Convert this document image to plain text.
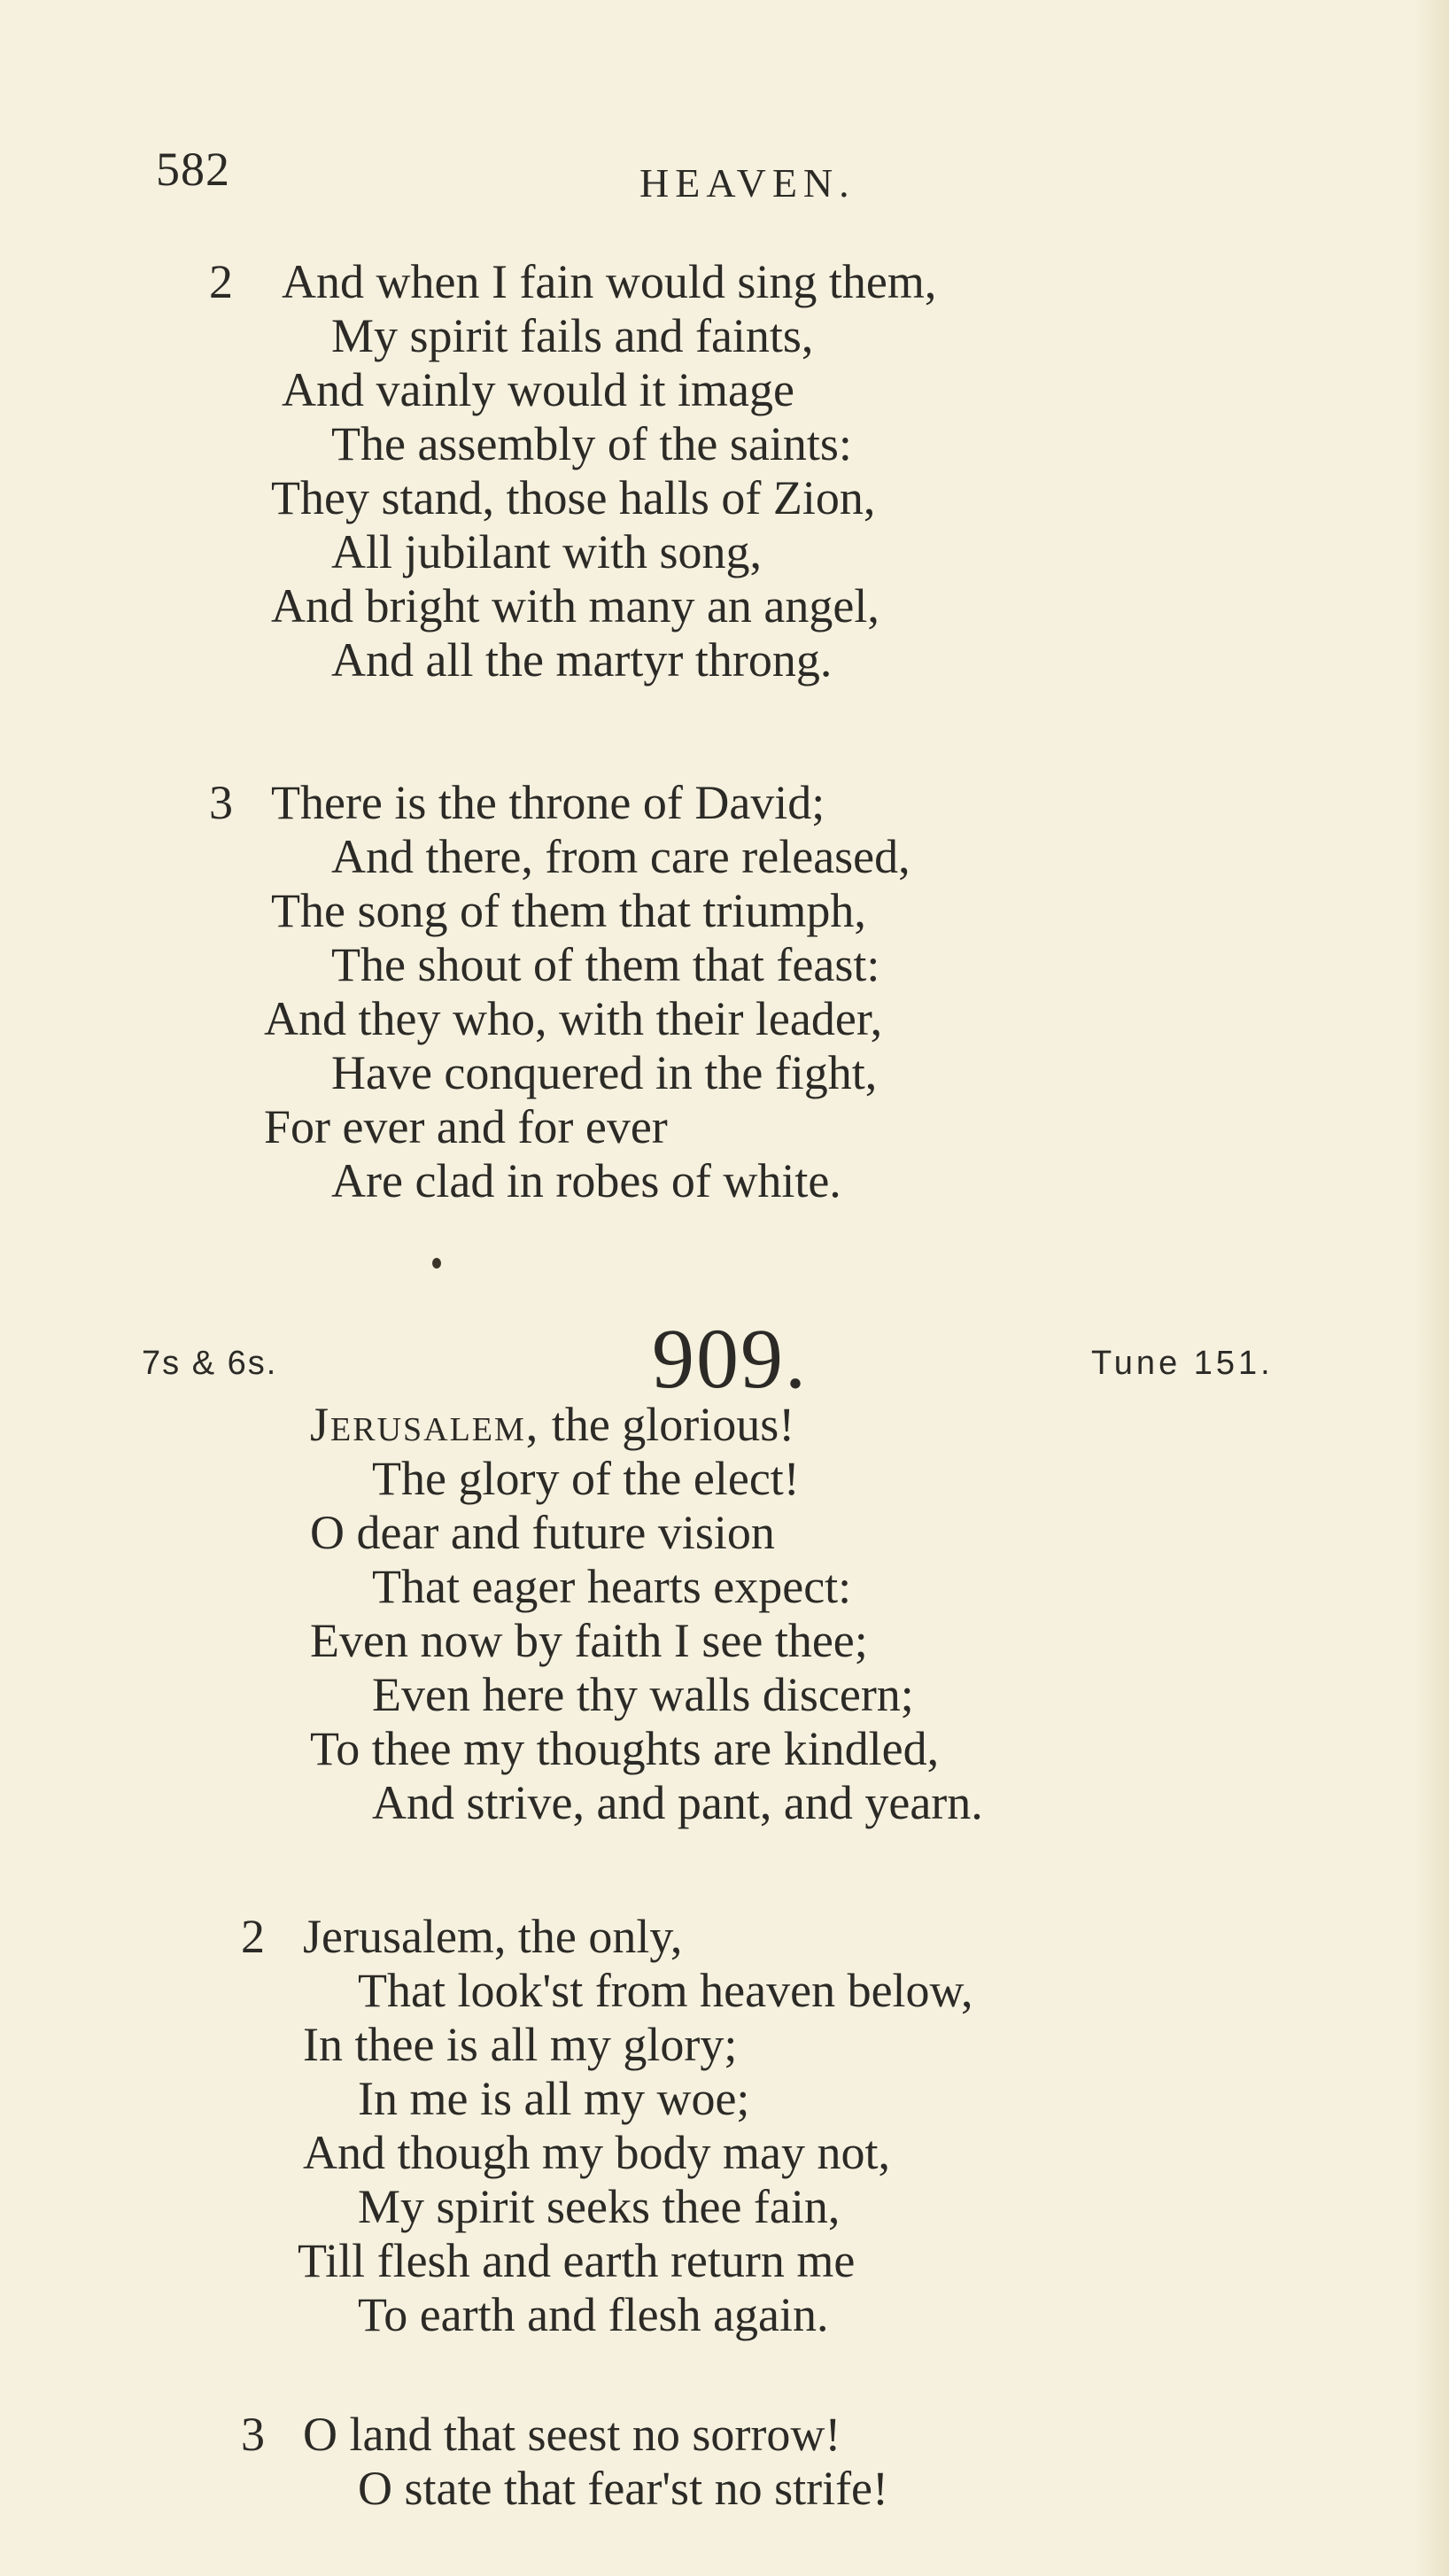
582	HEAVEN.
2 And when I fain would sing them,
My spirit fails and faints,
And vainly would it image
The assembly of the saints:
They stand, those halls of Zion,
All jubilant with song,
And bright with many an angel,
And all the martyr throng.
3 There is the throne of David;
And there, from care released,
The song of them that triumph,
The shout of them that feast:
And they who, with their leader,
Have conquered in the fight,
For ever and for ever
Are clad in robes of white.
7s & 6s.	909.	Tune 151.
Jerusalem, the glorious!
The glory of the elect!
O dear and future vision
That eager hearts expect:
Even now by faith I see thee;
Even here thy walls discern;
To thee my thoughts are kindled,
And strive, and pant, and yearn.
2 Jerusalem, the only,
That look'st from heaven below,
In thee is all my glory;
In me is all my woe;
And though my body may not,
My spirit seeks thee fain,
Till flesh and earth return me
To earth and flesh again.
3 O land that seest no sorrow!
O state that fear'st no strife!
